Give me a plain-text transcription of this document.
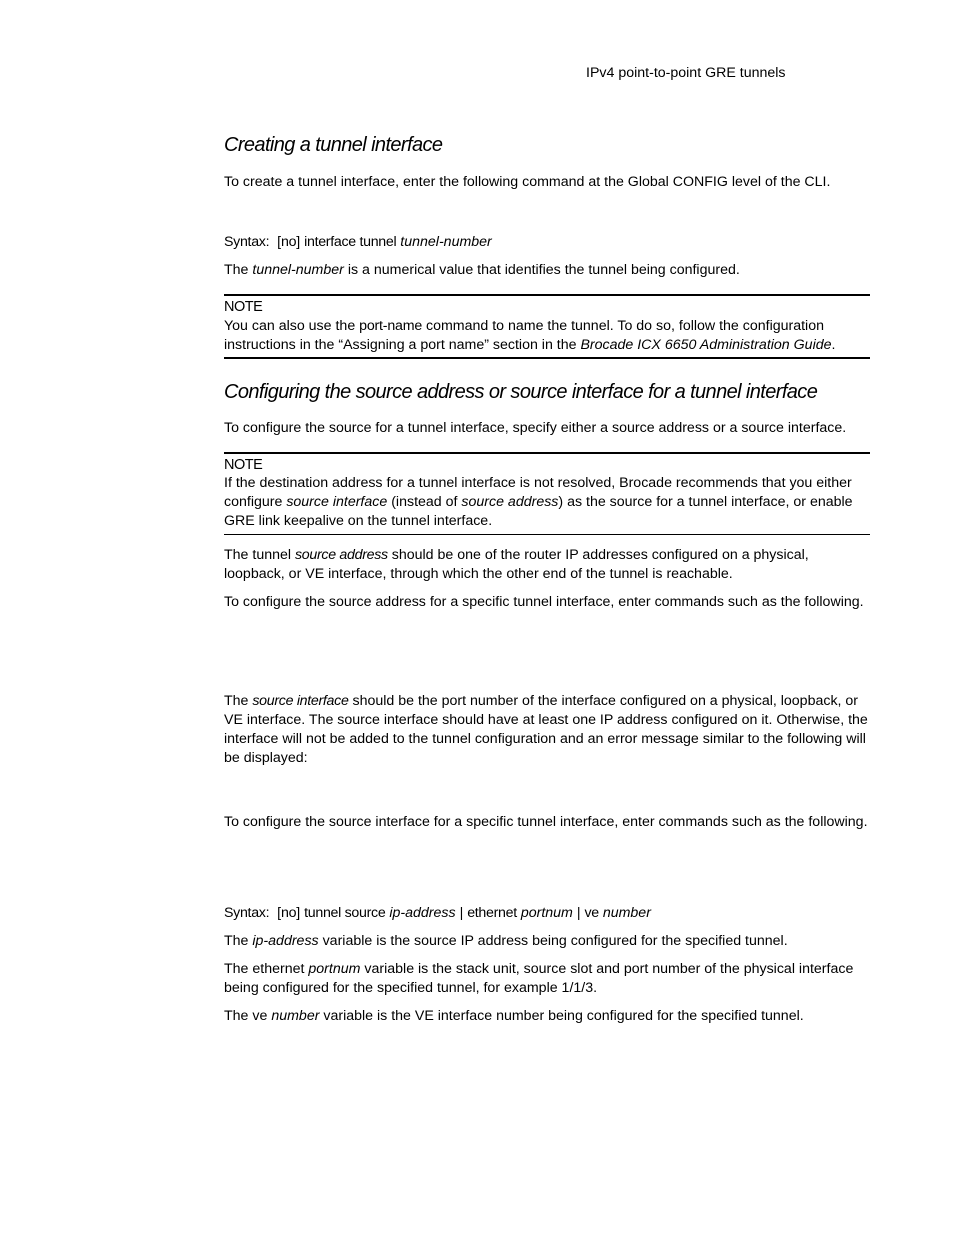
IPv4 point-to-point GRE tunnels
Creating a tunnel interface

To create a tunnel interface, enter the following command at the Global CONFIG level of the CLI.

Syntax:  [no] interface tunnel tunnel-number

The tunnel-number is a numerical value that identifies the tunnel being configured.

NOTE

You can also use the port-name command to name the tunnel. To do so, follow the configuration instructions in the “Assigning a port name” section in the Brocade ICX 6650 Administration Guide.

Configuring the source address or source interface for a tunnel interface

To configure the source for a tunnel interface, specify either a source address or a source interface.

NOTE

If the destination address for a tunnel interface is not resolved, Brocade recommends that you either configure source interface (instead of source address) as the source for a tunnel interface, or enable GRE link keepalive on the tunnel interface.

The tunnel source address should be one of the router IP addresses configured on a physical, loopback, or VE interface, through which the other end of the tunnel is reachable.

To configure the source address for a specific tunnel interface, enter commands such as the following.

The source interface should be the port number of the interface configured on a physical, loopback, or VE interface. The source interface should have at least one IP address configured on it. Otherwise, the interface will not be added to the tunnel configuration and an error message similar to the following will be displayed:

To configure the source interface for a specific tunnel interface, enter commands such as the following.

Syntax:  [no] tunnel source ip-address | ethernet portnum | ve number

The ip-address variable is the source IP address being configured for the specified tunnel.

The ethernet portnum variable is the stack unit, source slot and port number of the physical interface being configured for the specified tunnel, for example 1/1/3.

The ve number variable is the VE interface number being configured for the specified tunnel.
